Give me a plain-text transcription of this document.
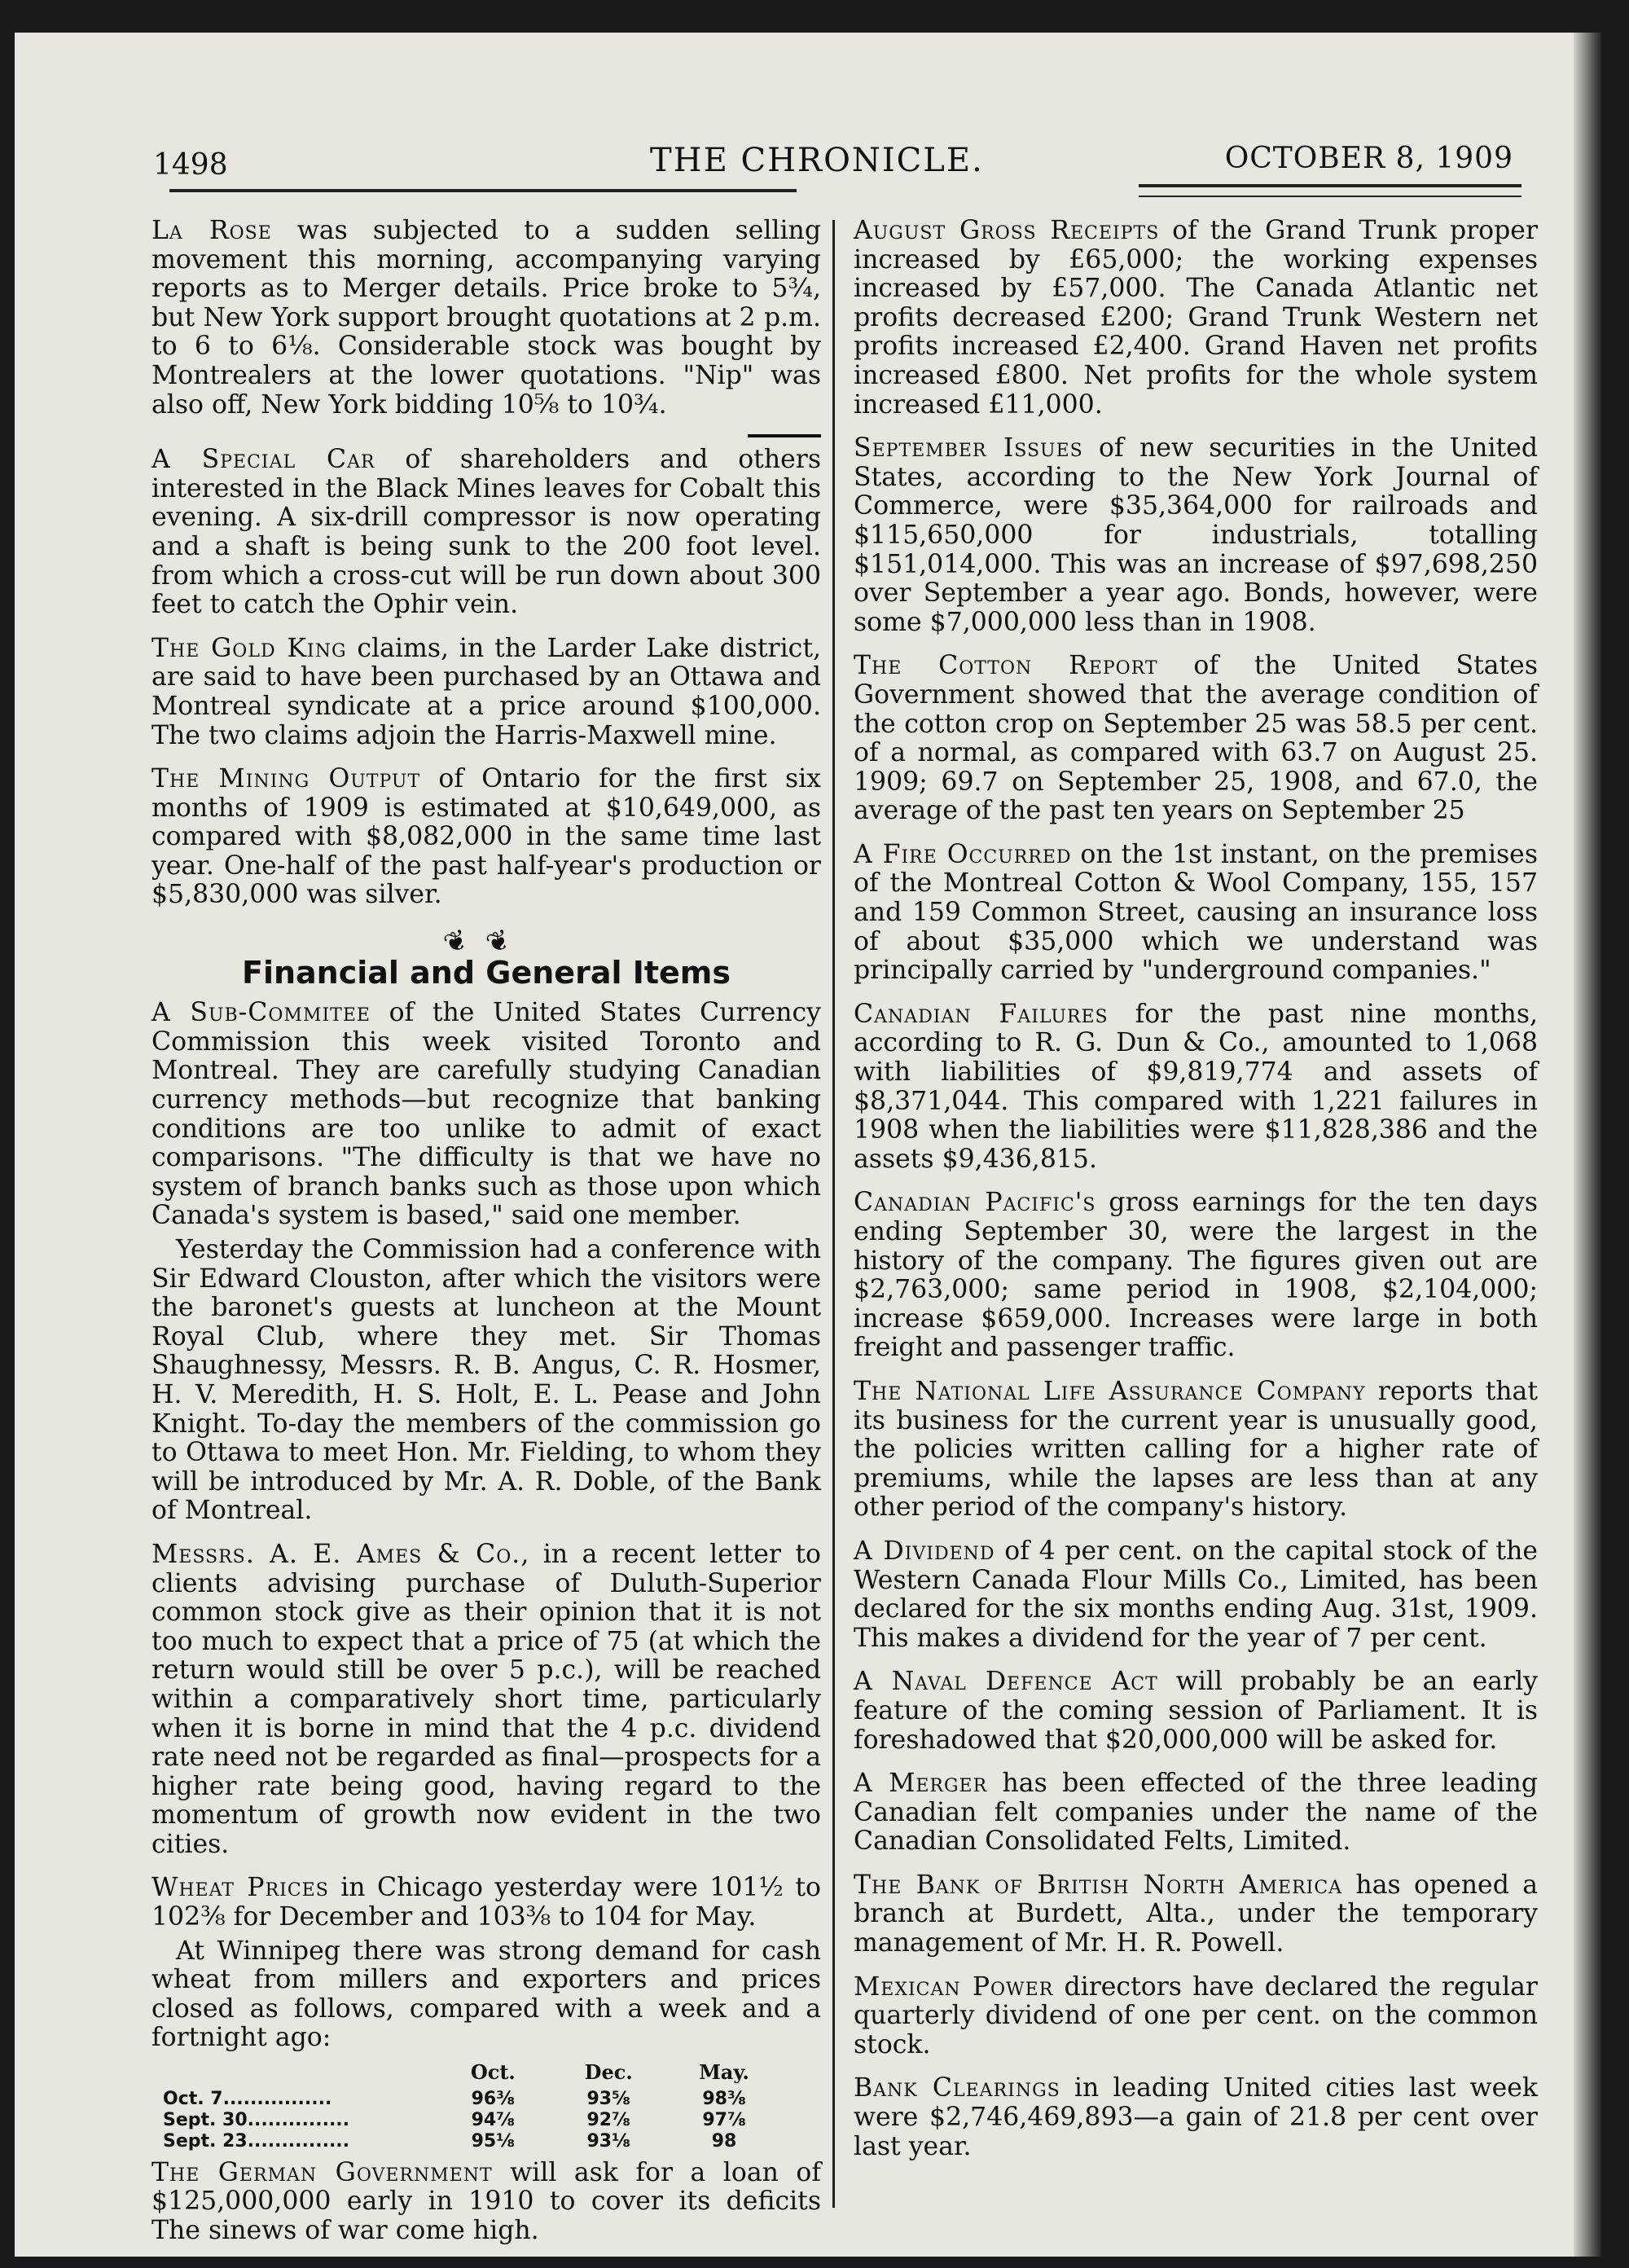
1498	THE CHRONICLE.	OCTOBER 8, 1909

La Rose was subjected to a sudden selling movement this morning, accompanying varying reports as to Merger details. Price broke to 5¾, but New York support brought quotations at 2 p.m. to 6 to 6⅛. Considerable stock was bought by Montrealers at the lower quotations. "Nip" was also off, New York bidding 10⅝ to 10¾.

A Special Car of shareholders and others interested in the Black Mines leaves for Cobalt this evening. A six-drill compressor is now operating and a shaft is being sunk to the 200 foot level. from which a cross-cut will be run down about 300 feet to catch the Ophir vein.

The Gold King claims, in the Larder Lake district, are said to have been purchased by an Ottawa and Montreal syndicate at a price around $100,000. The two claims adjoin the Harris-Maxwell mine.

The Mining Output of Ontario for the first six months of 1909 is estimated at $10,649,000, as compared with $8,082,000 in the same time last year. One-half of the past half-year's production or $5,830,000 was silver.

❦❦
Financial and General Items

A Sub-Commitee of the United States Currency Commission this week visited Toronto and Montreal. They are carefully studying Canadian currency methods—but recognize that banking conditions are too unlike to admit of exact comparisons. "The difficulty is that we have no system of branch banks such as those upon which Canada's system is based," said one member.

Yesterday the Commission had a conference with Sir Edward Clouston, after which the visitors were the baronet's guests at luncheon at the Mount Royal Club, where they met. Sir Thomas Shaughnessy, Messrs. R. B. Angus, C. R. Hosmer, H. V. Meredith, H. S. Holt, E. L. Pease and John Knight. To-day the members of the commission go to Ottawa to meet Hon. Mr. Fielding, to whom they will be introduced by Mr. A. R. Doble, of the Bank of Montreal.

Messrs. A. E. Ames & Co., in a recent letter to clients advising purchase of Duluth-Superior common stock give as their opinion that it is not too much to expect that a price of 75 (at which the return would still be over 5 p.c.), will be reached within a comparatively short time, particularly when it is borne in mind that the 4 p.c. dividend rate need not be regarded as final—prospects for a higher rate being good, having regard to the momentum of growth now evident in the two cities.

Wheat Prices in Chicago yesterday were 101½ to 102⅜ for December and 103⅜ to 104 for May.

At Winnipeg there was strong demand for cash wheat from millers and exporters and prices closed as follows, compared with a week and a fortnight ago:

	Oct.	Dec.	May.
Oct. 7................	96⅜	93⅝	98⅜
Sept. 30...............	94⅞	92⅞	97⅞
Sept. 23...............	95⅛	93⅛	98

The German Government will ask for a loan of $125,000,000 early in 1910 to cover its deficits The sinews of war come high.

August Gross Receipts of the Grand Trunk proper increased by £65,000; the working expenses increased by £57,000. The Canada Atlantic net profits decreased £200; Grand Trunk Western net profits increased £2,400. Grand Haven net profits increased £800. Net profits for the whole system increased £11,000.

September Issues of new securities in the United States, according to the New York Journal of Commerce, were $35,364,000 for railroads and $115,650,000 for industrials, totalling $151,014,000. This was an increase of $97,698,250 over September a year ago. Bonds, however, were some $7,000,000 less than in 1908.

The Cotton Report of the United States Government showed that the average condition of the cotton crop on September 25 was 58.5 per cent. of a normal, as compared with 63.7 on August 25. 1909; 69.7 on September 25, 1908, and 67.0, the average of the past ten years on September 25

A Fire Occurred on the 1st instant, on the premises of the Montreal Cotton & Wool Company, 155, 157 and 159 Common Street, causing an insurance loss of about $35,000 which we understand was principally carried by "underground companies."

Canadian Failures for the past nine months, according to R. G. Dun & Co., amounted to 1,068 with liabilities of $9,819,774 and assets of $8,371,044. This compared with 1,221 failures in 1908 when the liabilities were $11,828,386 and the assets $9,436,815.

Canadian Pacific's gross earnings for the ten days ending September 30, were the largest in the history of the company. The figures given out are $2,763,000; same period in 1908, $2,104,000; increase $659,000. Increases were large in both freight and passenger traffic.

The National Life Assurance Company reports that its business for the current year is unusually good, the policies written calling for a higher rate of premiums, while the lapses are less than at any other period of the company's history.

A Dividend of 4 per cent. on the capital stock of the Western Canada Flour Mills Co., Limited, has been declared for the six months ending Aug. 31st, 1909. This makes a dividend for the year of 7 per cent.

A Naval Defence Act will probably be an early feature of the coming session of Parliament. It is foreshadowed that $20,000,000 will be asked for.

A Merger has been effected of the three leading Canadian felt companies under the name of the Canadian Consolidated Felts, Limited.

The Bank of British North America has opened a branch at Burdett, Alta., under the temporary management of Mr. H. R. Powell.

Mexican Power directors have declared the regular quarterly dividend of one per cent. on the common stock.

Bank Clearings in leading United cities last week were $2,746,469,893—a gain of 21.8 per cent over last year.
